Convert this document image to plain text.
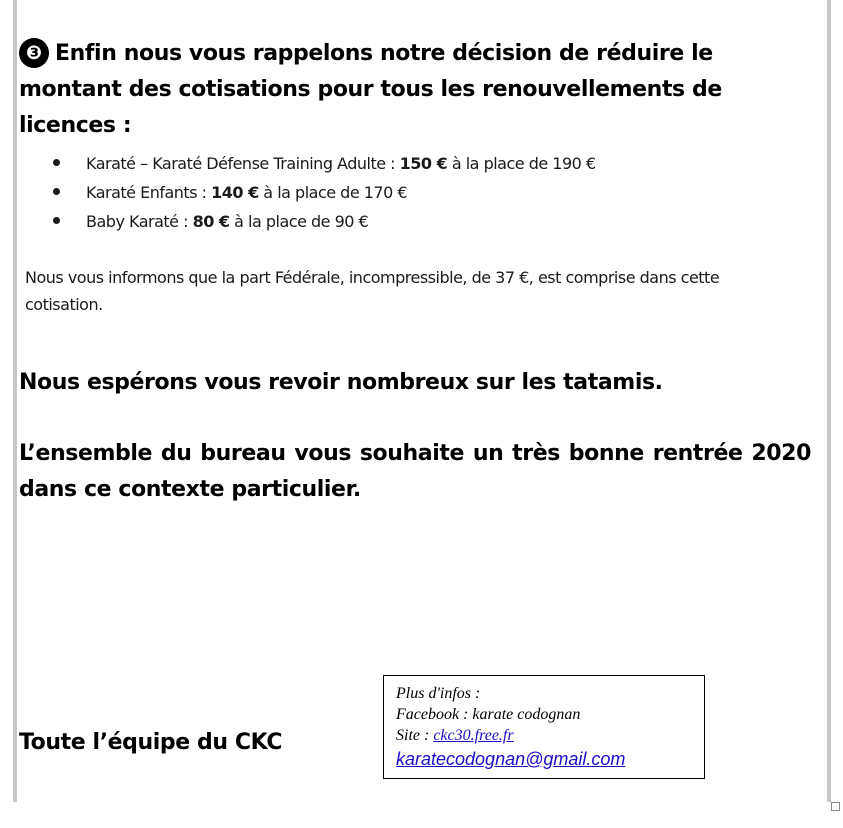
❸ Enfin nous vous rappelons notre décision de réduire le montant des cotisations pour tous les renouvellements de licences :
Karaté – Karaté Défense Training Adulte : 150 € à la place de 190 €
Karaté Enfants : 140 € à la place de 170 €
Baby Karaté : 80 € à la place de 90 €

Nous vous informons que la part Fédérale, incompressible, de 37 €, est comprise dans cette cotisation.

Nous espérons vous revoir nombreux sur les tatamis.
L’ensemble du bureau vous souhaite un très bonne rentrée 2020 dans ce contexte particulier.
Toute l’équipe du CKC
Plus d'infos :
Facebook : karate codognan
Site : ckc30.free.fr
karatecodognan@gmail.com
